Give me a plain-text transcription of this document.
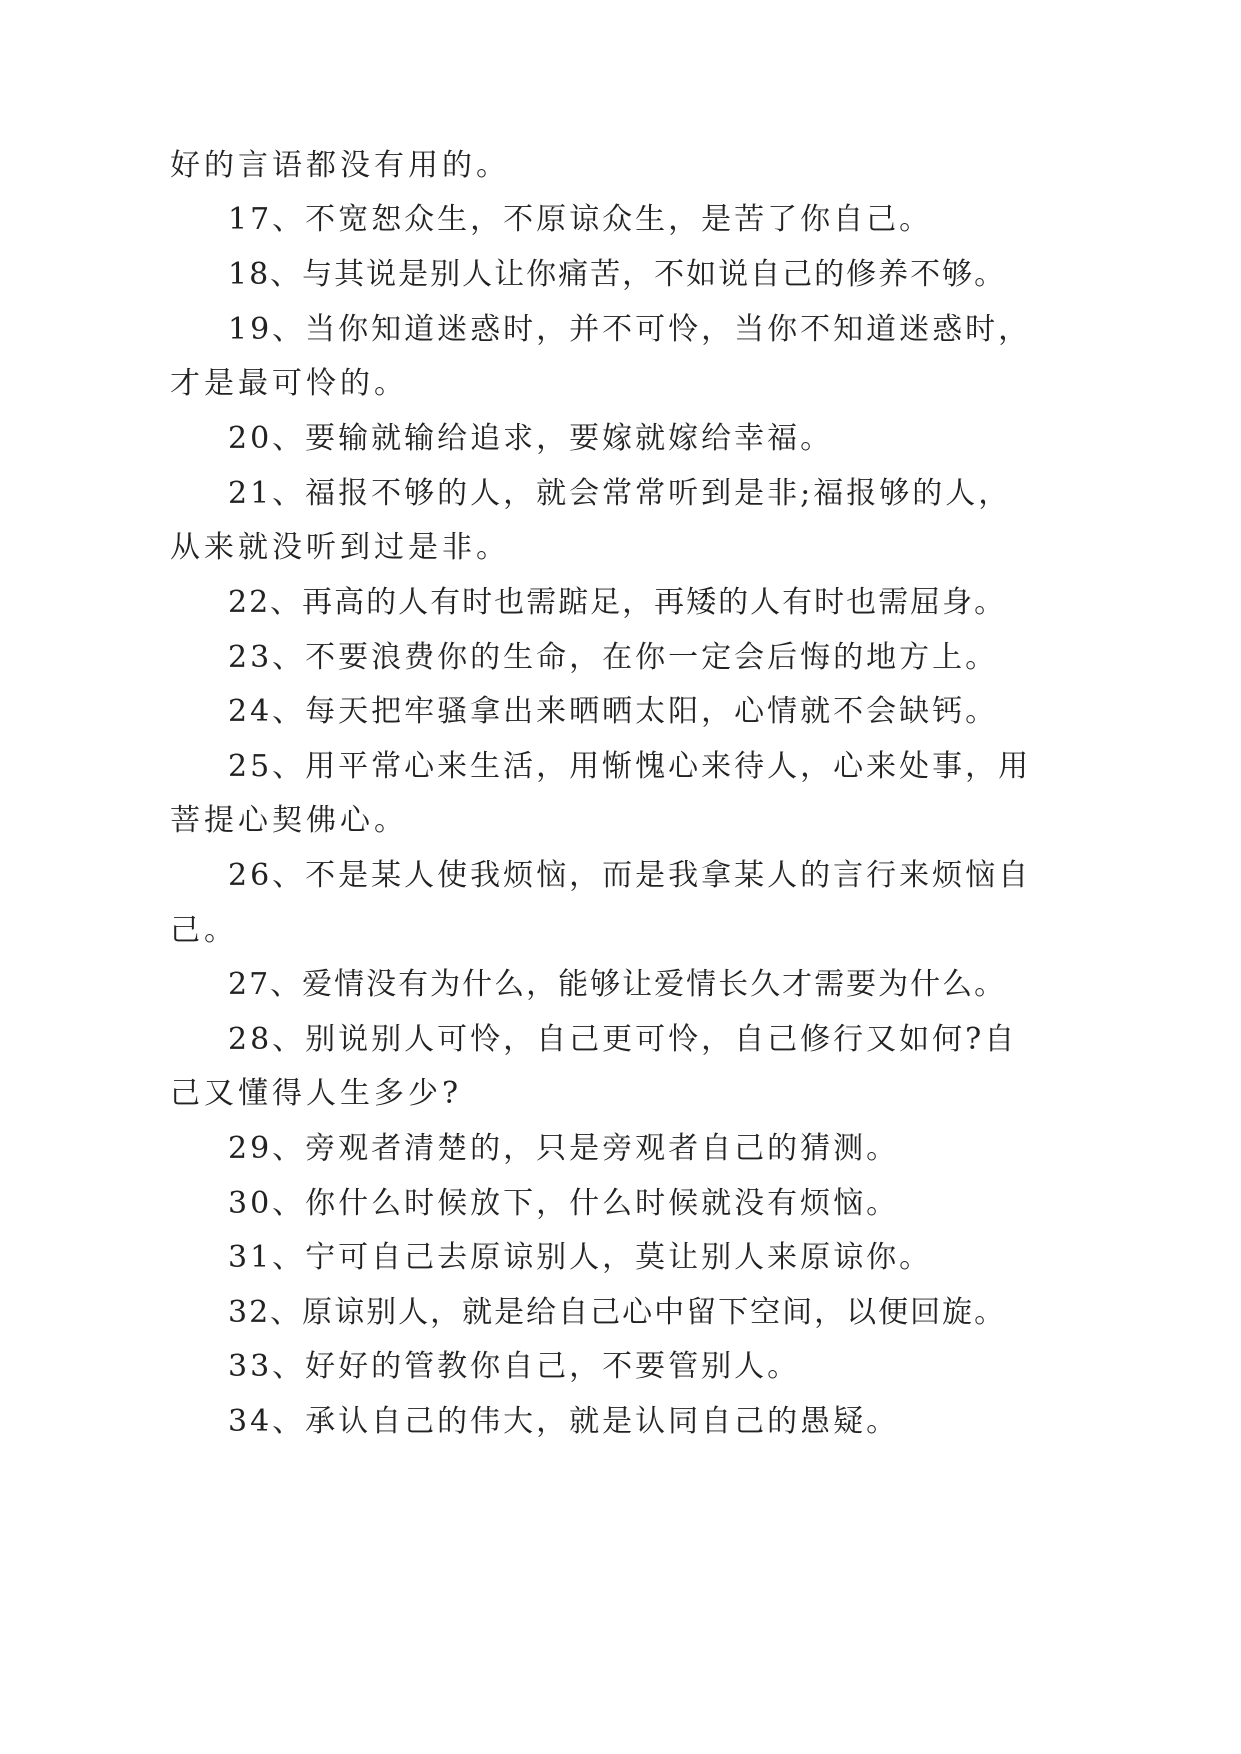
好的言语都没有用的。
17、不宽恕众生，不原谅众生，是苦了你自己。
18、与其说是别人让你痛苦，不如说自己的修养不够。
19、当你知道迷惑时，并不可怜，当你不知道迷惑时，
才是最可怜的。
20、要输就输给追求，要嫁就嫁给幸福。
21、福报不够的人，就会常常听到是非;福报够的人，
从来就没听到过是非。
22、再高的人有时也需踮足，再矮的人有时也需屈身。
23、不要浪费你的生命，在你一定会后悔的地方上。
24、每天把牢骚拿出来晒晒太阳，心情就不会缺钙。
25、用平常心来生活，用惭愧心来待人，心来处事，用
菩提心契佛心。
26、不是某人使我烦恼，而是我拿某人的言行来烦恼自
己。
27、爱情没有为什么，能够让爱情长久才需要为什么。
28、别说别人可怜，自己更可怜，自己修行又如何?自
己又懂得人生多少?
29、旁观者清楚的，只是旁观者自己的猜测。
30、你什么时候放下，什么时候就没有烦恼。
31、宁可自己去原谅别人，莫让别人来原谅你。
32、原谅别人，就是给自己心中留下空间，以便回旋。
33、好好的管教你自己，不要管别人。
34、承认自己的伟大，就是认同自己的愚疑。
